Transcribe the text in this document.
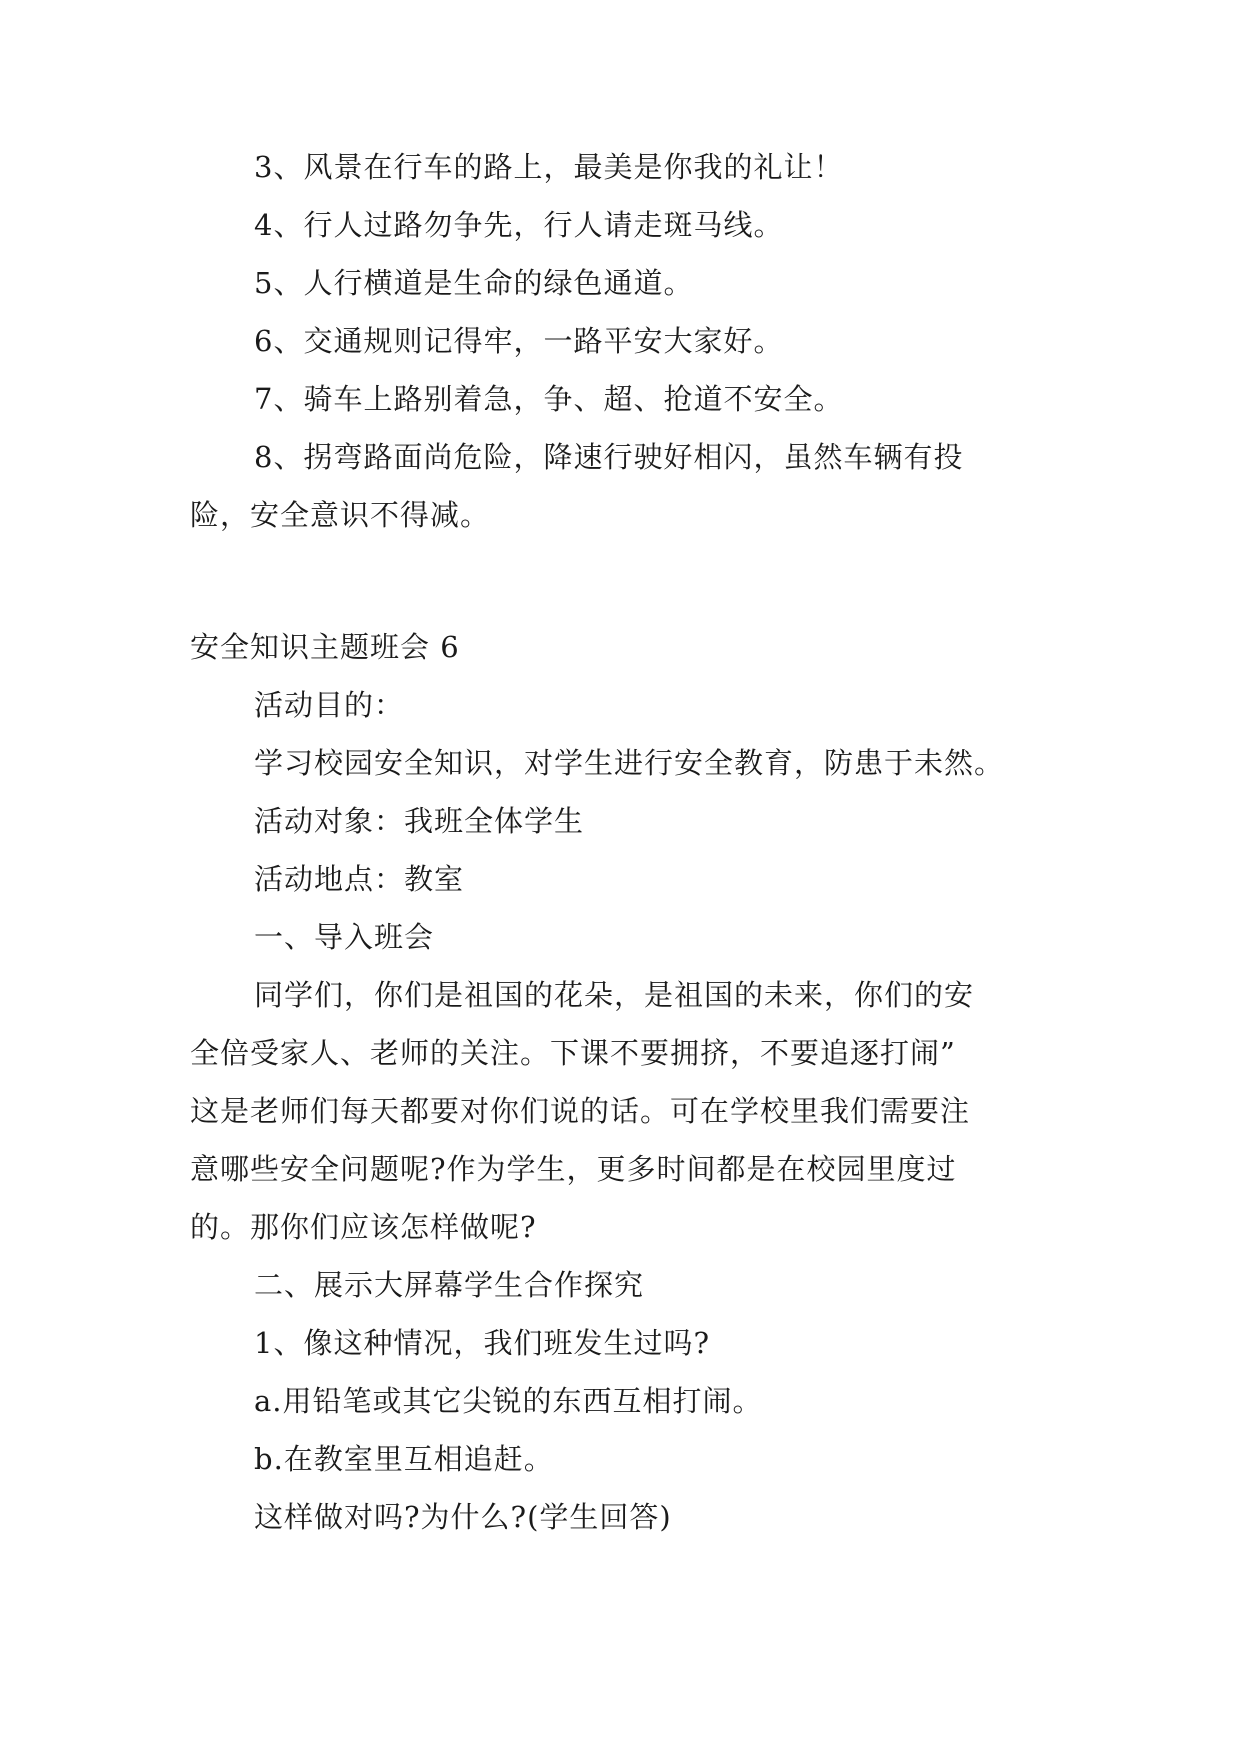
3、风景在行车的路上，最美是你我的礼让！
4、行人过路勿争先，行人请走斑马线。
5、人行横道是生命的绿色通道。
6、交通规则记得牢，一路平安大家好。
7、骑车上路别着急，争、超、抢道不安全。
8、拐弯路面尚危险，降速行驶好相闪，虽然车辆有投
险，安全意识不得减。
安全知识主题班会 6
活动目的：
学习校园安全知识，对学生进行安全教育，防患于未然。
活动对象：我班全体学生
活动地点：教室
一、导入班会
同学们，你们是祖国的花朵，是祖国的未来，你们的安
全倍受家人、老师的关注。下课不要拥挤，不要追逐打闹”
这是老师们每天都要对你们说的话。可在学校里我们需要注
意哪些安全问题呢?作为学生，更多时间都是在校园里度过
的。那你们应该怎样做呢?
二、展示大屏幕学生合作探究
1、像这种情况，我们班发生过吗?
a.用铅笔或其它尖锐的东西互相打闹。
b.在教室里互相追赶。
这样做对吗?为什么?(学生回答)
